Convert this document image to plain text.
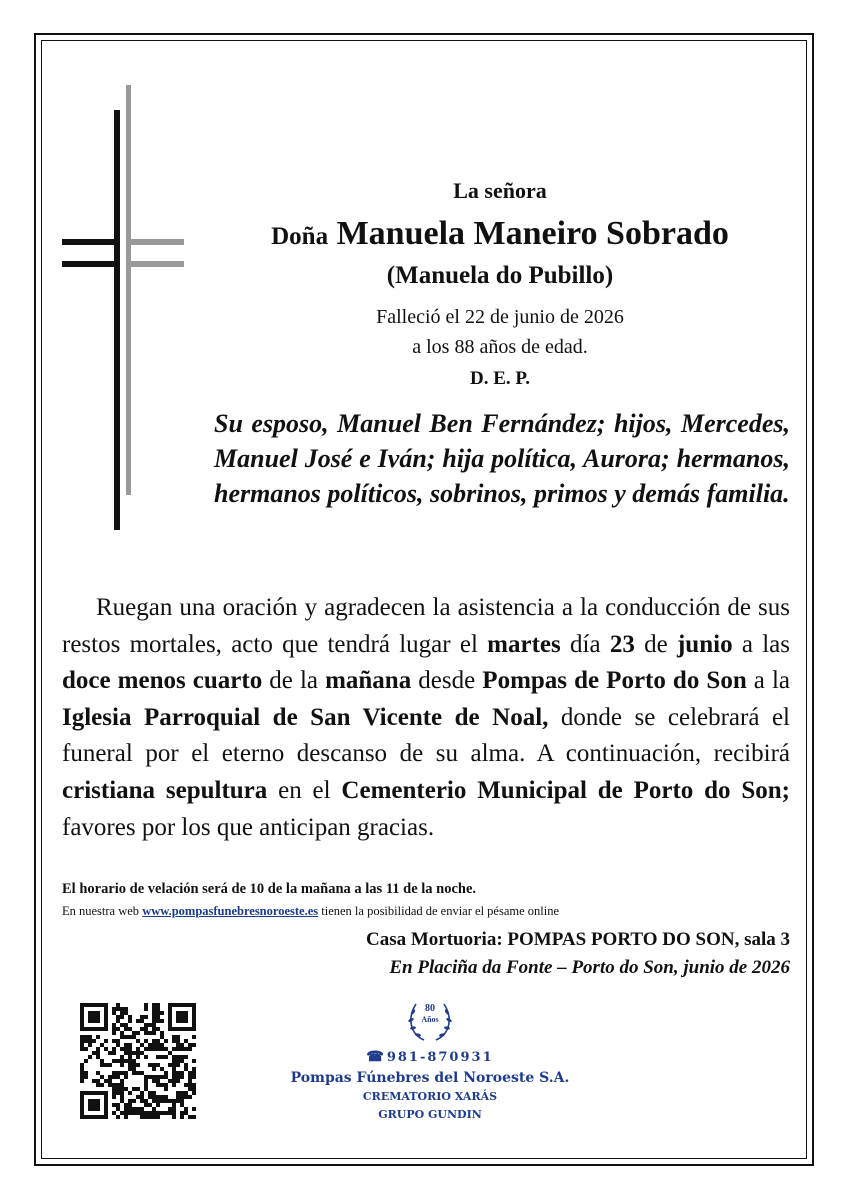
La señora
Doña Manuela Maneiro Sobrado
(Manuela do Pubillo)
Falleció el 22 de junio de 2026
a los 88 años de edad.
D. E. P.

Su esposo, Manuel Ben Fernández; hijos, Mercedes, Manuel José e Iván; hija política, Aurora; hermanos, hermanos políticos, sobrinos, primos y demás familia.

Ruegan una oración y agradecen la asistencia a la conducción de sus restos mortales, acto que tendrá lugar el martes día 23 de junio a las doce menos cuarto de la mañana desde Pompas de Porto do Son a la Iglesia Parroquial de San Vicente de Noal, donde se celebrará el funeral por el eterno descanso de su alma. A continuación, recibirá cristiana sepultura en el Cementerio Municipal de Porto do Son; favores por los que anticipan gracias.

El horario de velación será de 10 de la mañana a las 11 de la noche.
En nuestra web www.pompasfunebresnoroeste.es tienen la posibilidad de enviar el pésame online
Casa Mortuoria: POMPAS PORTO DO SON, sala 3
En Placiña da Fonte – Porto do Son, junio de 2026
80
Años
☎ 981-870931
Pompas Fúnebres del Noroeste S.A.
CREMATORIO XARÁS
GRUPO GUNDIN
